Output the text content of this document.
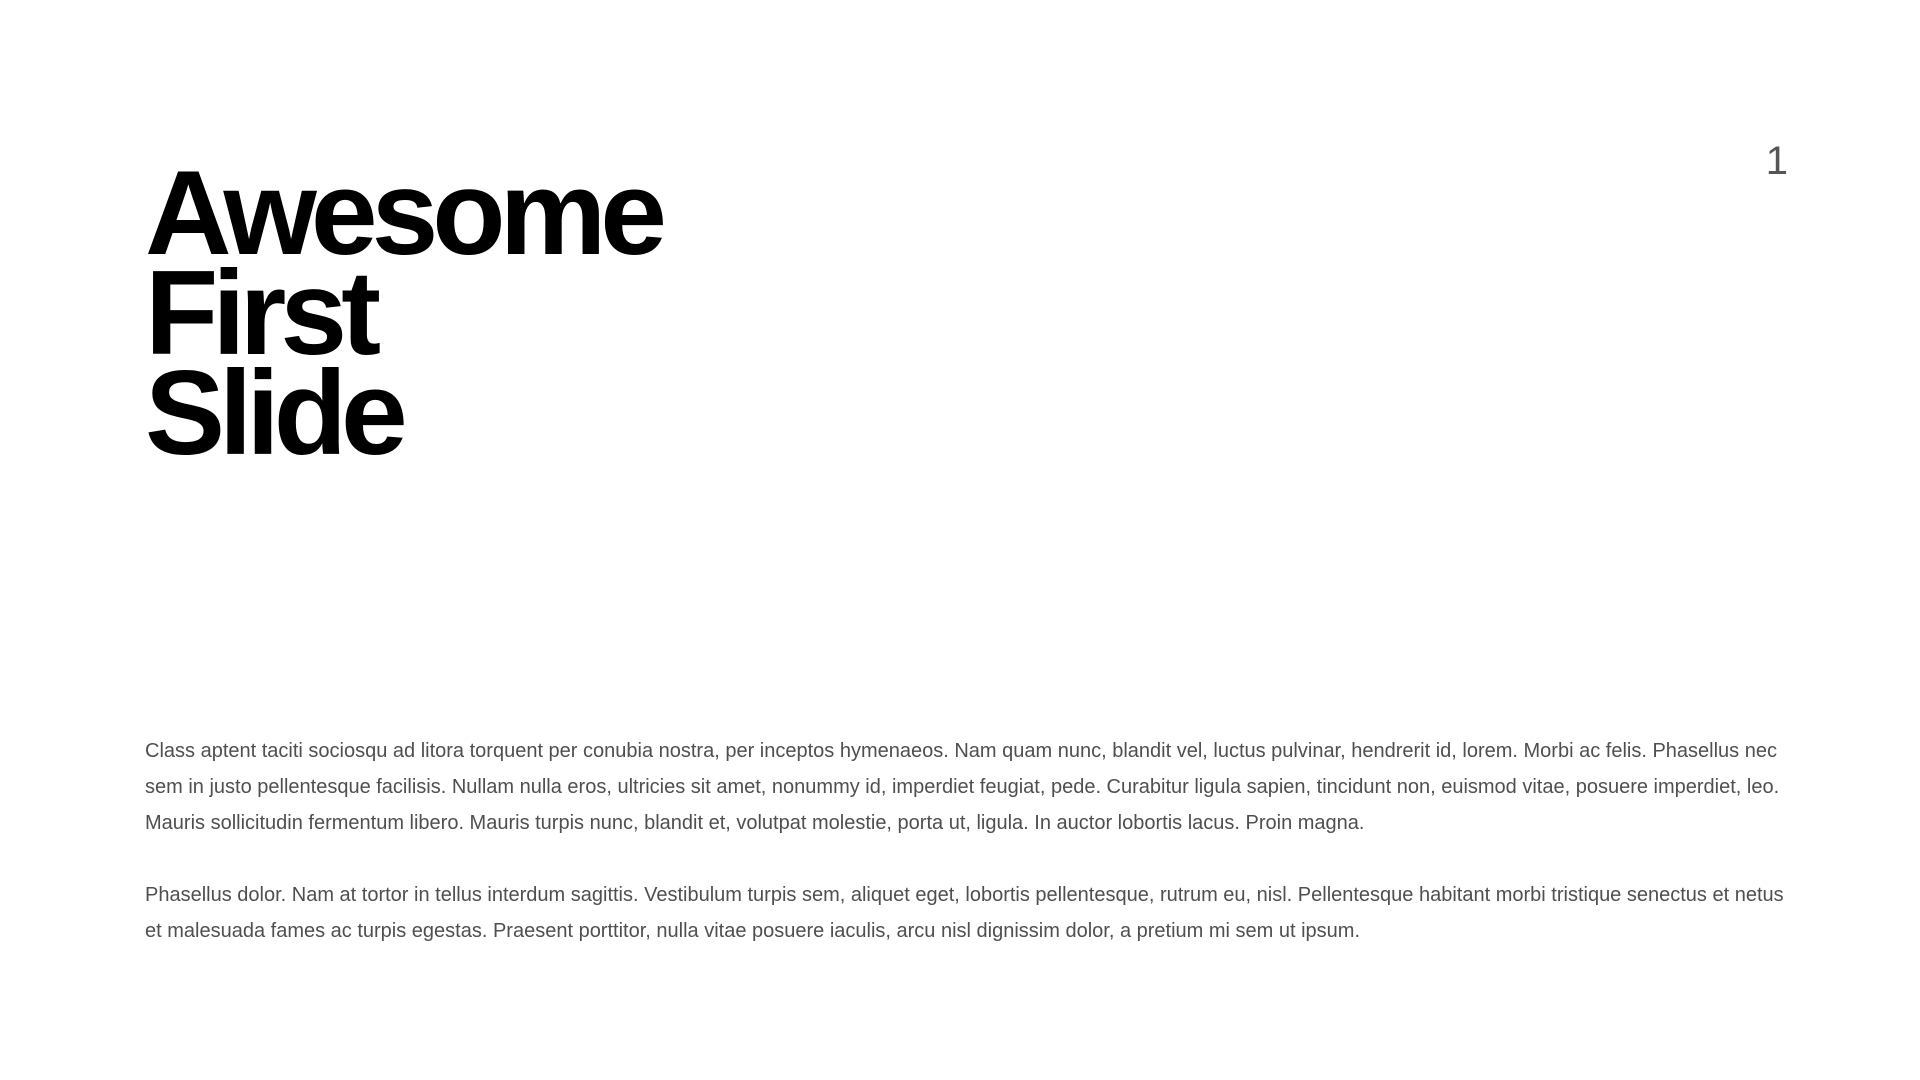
1
Awesome
First
Slide

Class aptent taciti sociosqu ad litora torquent per conubia nostra, per inceptos hymenaeos. Nam quam nunc, blandit vel, luctus pulvinar, hendrerit id, lorem. Morbi ac felis. Phasellus nec sem in justo pellentesque facilisis. Nullam nulla eros, ultricies sit amet, nonummy id, imperdiet feugiat, pede. Curabitur ligula sapien, tincidunt non, euismod vitae, posuere imperdiet, leo. Mauris sollicitudin fermentum libero. Mauris turpis nunc, blandit et, volutpat molestie, porta ut, ligula. In auctor lobortis lacus. Proin magna.

Phasellus dolor. Nam at tortor in tellus interdum sagittis. Vestibulum turpis sem, aliquet eget, lobortis pellentesque, rutrum eu, nisl. Pellentesque habitant morbi tristique senectus et netus et malesuada fames ac turpis egestas. Praesent porttitor, nulla vitae posuere iaculis, arcu nisl dignissim dolor, a pretium mi sem ut ipsum.
